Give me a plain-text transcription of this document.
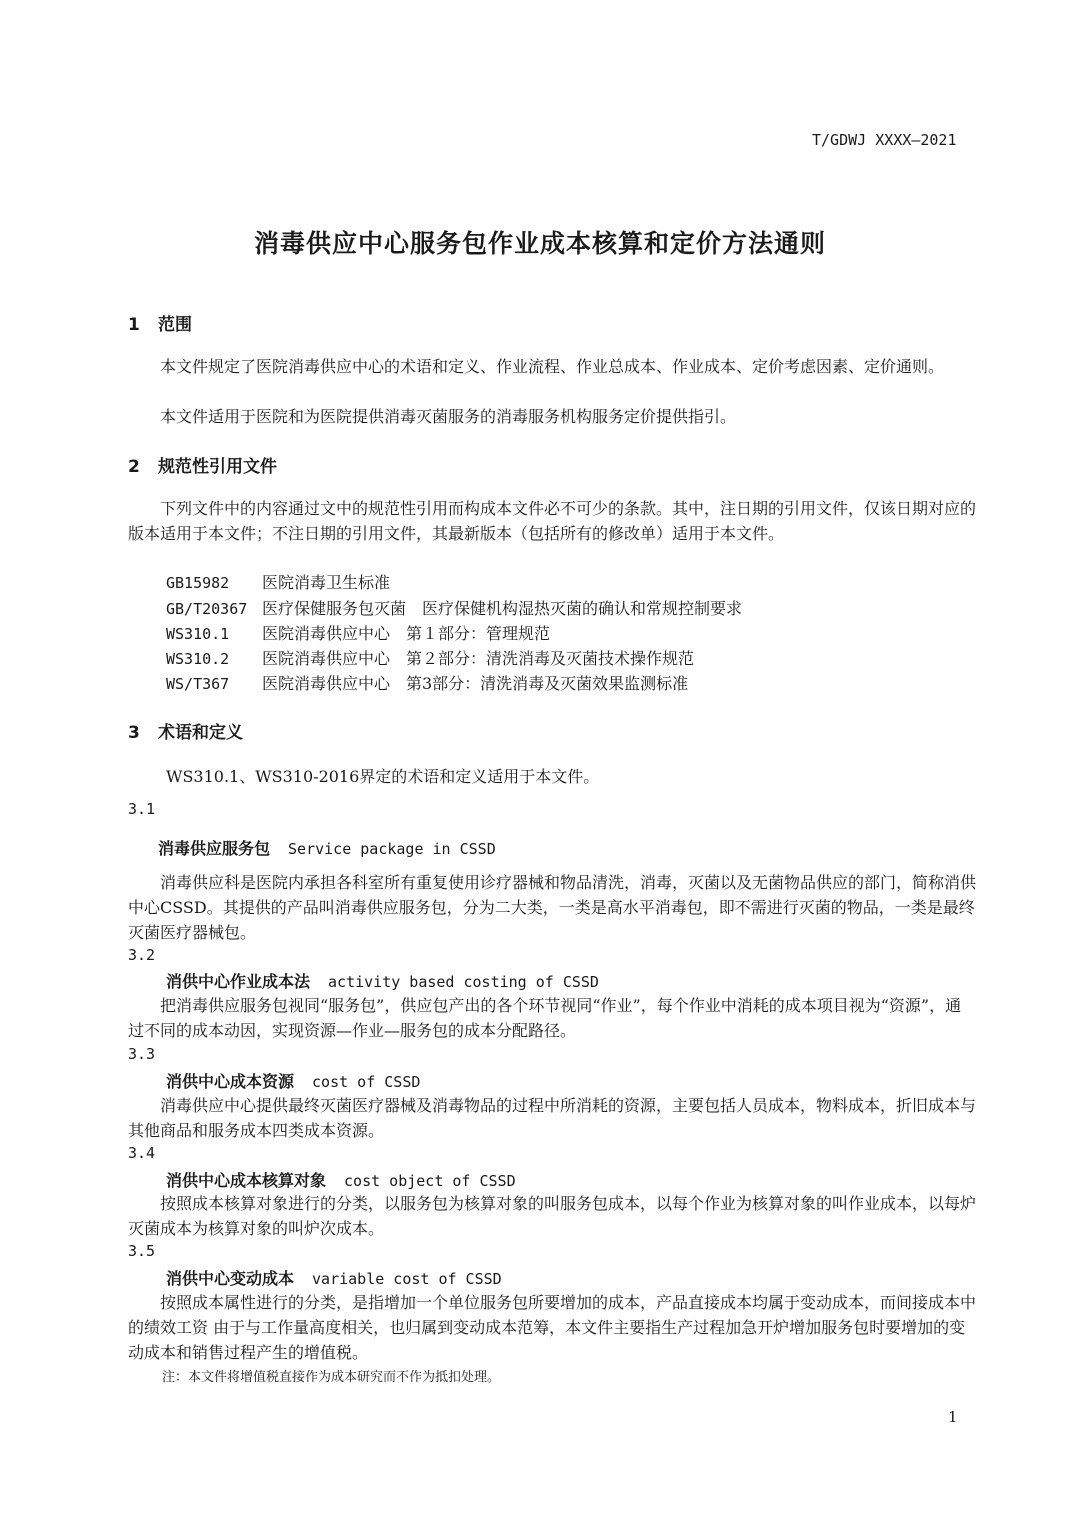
T/GDWJ XXXX—2021
消毒供应中心服务包作业成本核算和定价方法通则
1 范围
本文件规定了医院消毒供应中心的术语和定义、作业流程、作业总成本、作业成本、定价考虑因素、定价通则。
本文件适用于医院和为医院提供消毒灭菌服务的消毒服务机构服务定价提供指引。
2 规范性引用文件
下列文件中的内容通过文中的规范性引用而构成本文件必不可少的条款。其中，注日期的引用文件，仅该日期对应的版本适用于本文件；不注日期的引用文件，其最新版本（包括所有的修改单）适用于本文件。
GB15982 医院消毒卫生标准
GB/T20367 医疗保健服务包灭菌　医疗保健机构湿热灭菌的确认和常规控制要求
WS310.1 医院消毒供应中心　第１部分：管理规范
WS310.2 医院消毒供应中心　第２部分：清洗消毒及灭菌技术操作规范
WS/T367 医院消毒供应中心　第3部分：清洗消毒及灭菌效果监测标准
3 术语和定义
WS310.1、WS310-2016界定的术语和定义适用于本文件。
3.1
消毒供应服务包 Service package in CSSD
消毒供应科是医院内承担各科室所有重复使用诊疗器械和物品清洗，消毒，灭菌以及无菌物品供应的部门，简称消供中心CSSD。其提供的产品叫消毒供应服务包，分为二大类，一类是高水平消毒包，即不需进行灭菌的物品，一类是最终灭菌医疗器械包。
3.2
消供中心作业成本法 activity based costing of CSSD
把消毒供应服务包视同“服务包”，供应包产出的各个环节视同“作业”，每个作业中消耗的成本项目视为“资源”，通过不同的成本动因，实现资源—作业—服务包的成本分配路径。
3.3
消供中心成本资源 cost of CSSD
消毒供应中心提供最终灭菌医疗器械及消毒物品的过程中所消耗的资源，主要包括人员成本，物料成本，折旧成本与其他商品和服务成本四类成本资源。
3.4
消供中心成本核算对象 cost object of CSSD
按照成本核算对象进行的分类，以服务包为核算对象的叫服务包成本，以每个作业为核算对象的叫作业成本，以每炉灭菌成本为核算对象的叫炉次成本。
3.5
消供中心变动成本 variable cost of CSSD
按照成本属性进行的分类，是指增加一个单位服务包所要增加的成本，产品直接成本均属于变动成本，而间接成本中的绩效工资 由于与工作量高度相关，也归属到变动成本范筹，本文件主要指生产过程加急开炉增加服务包时要增加的变动成本和销售过程产生的增值税。
注：本文件将增值税直接作为成本研究而不作为抵扣处理。
1
